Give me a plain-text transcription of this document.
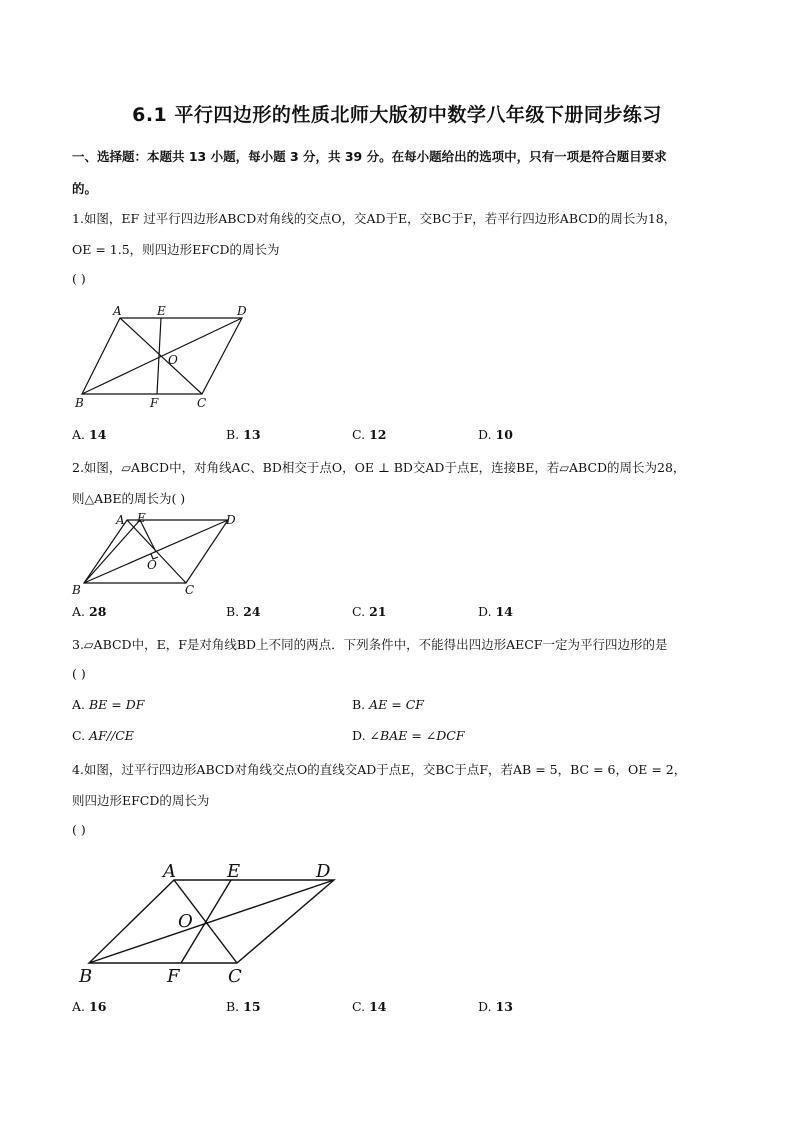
6.1 平行四边形的性质北师大版初中数学八年级下册同步练习
一、选择题：本题共 13 小题，每小题 3 分，共 39 分。在每小题给出的选项中，只有一项是符合题目要求
的。
1.如图，EF 过平行四边形ABCD对角线的交点O，交AD于E，交BC于F，若平行四边形ABCD的周长为18，
OE = 1.5，则四边形EFCD的周长为
( )
A	E	D
O
B	F	C
A. 14	B. 13	C. 12	D. 10
2.如图，▱ABCD中，对角线AC、BD相交于点O，OE ⊥ BD交AD于点E，连接BE，若▱ABCD的周长为28，
则△ABE的周长为( )
A E	D
O
B	C
A. 28	B. 24	C. 21	D. 14
3.▱ABCD中，E，F是对角线BD上不同的两点．下列条件中，不能得出四边形AECF一定为平行四边形的是
( )
A. BE = DF	B. AE = CF
C. AF//CE	D. ∠BAE = ∠DCF
4.如图，过平行四边形ABCD对角线交点O的直线交AD于点E，交BC于点F，若AB = 5，BC = 6，OE = 2，
则四边形EFCD的周长为
( )
A	E	D
O
B	F	C
A. 16	B. 15	C. 14	D. 13
